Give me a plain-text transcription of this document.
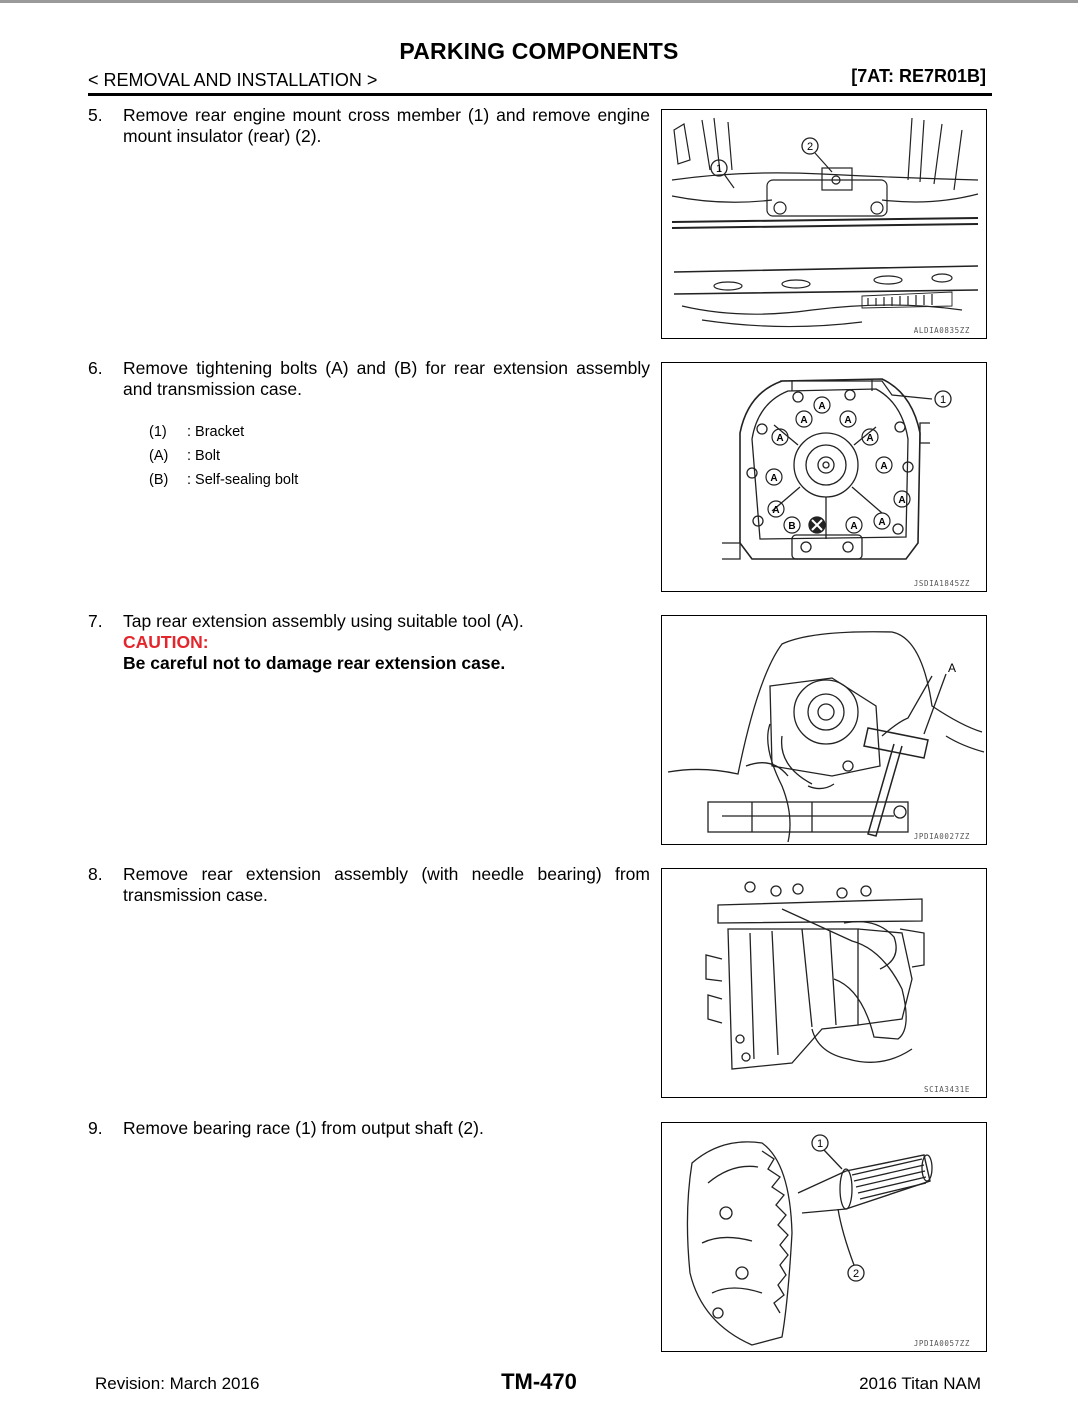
PARKING COMPONENTS
< REMOVAL AND INSTALLATION >	[7AT: RE7R01B]
5. Remove rear engine mount cross member (1) and remove engine mount insulator (rear) (2).
1
2
ALDIA0835ZZ
6. Remove tightening bolts (A) and (B) for rear extension assembly and transmission case.
(1)	: Bracket
(A)	: Bolt
(B)	: Self-sealing bolt
A
A
A
A	A
A
A
A
A
A A
B
1
JSDIA1845ZZ
7. Tap rear extension assembly using suitable tool (A).
CAUTION:
Be careful not to damage rear extension case.	A
JPDIA0027ZZ
8. Remove rear extension assembly (with needle bearing) from transmission case.
SCIA3431E
9. Remove bearing race (1) from output shaft (2).
1
2
JPDIA0057ZZ
Revision: March 2016	TM-470	2016 Titan NAM
